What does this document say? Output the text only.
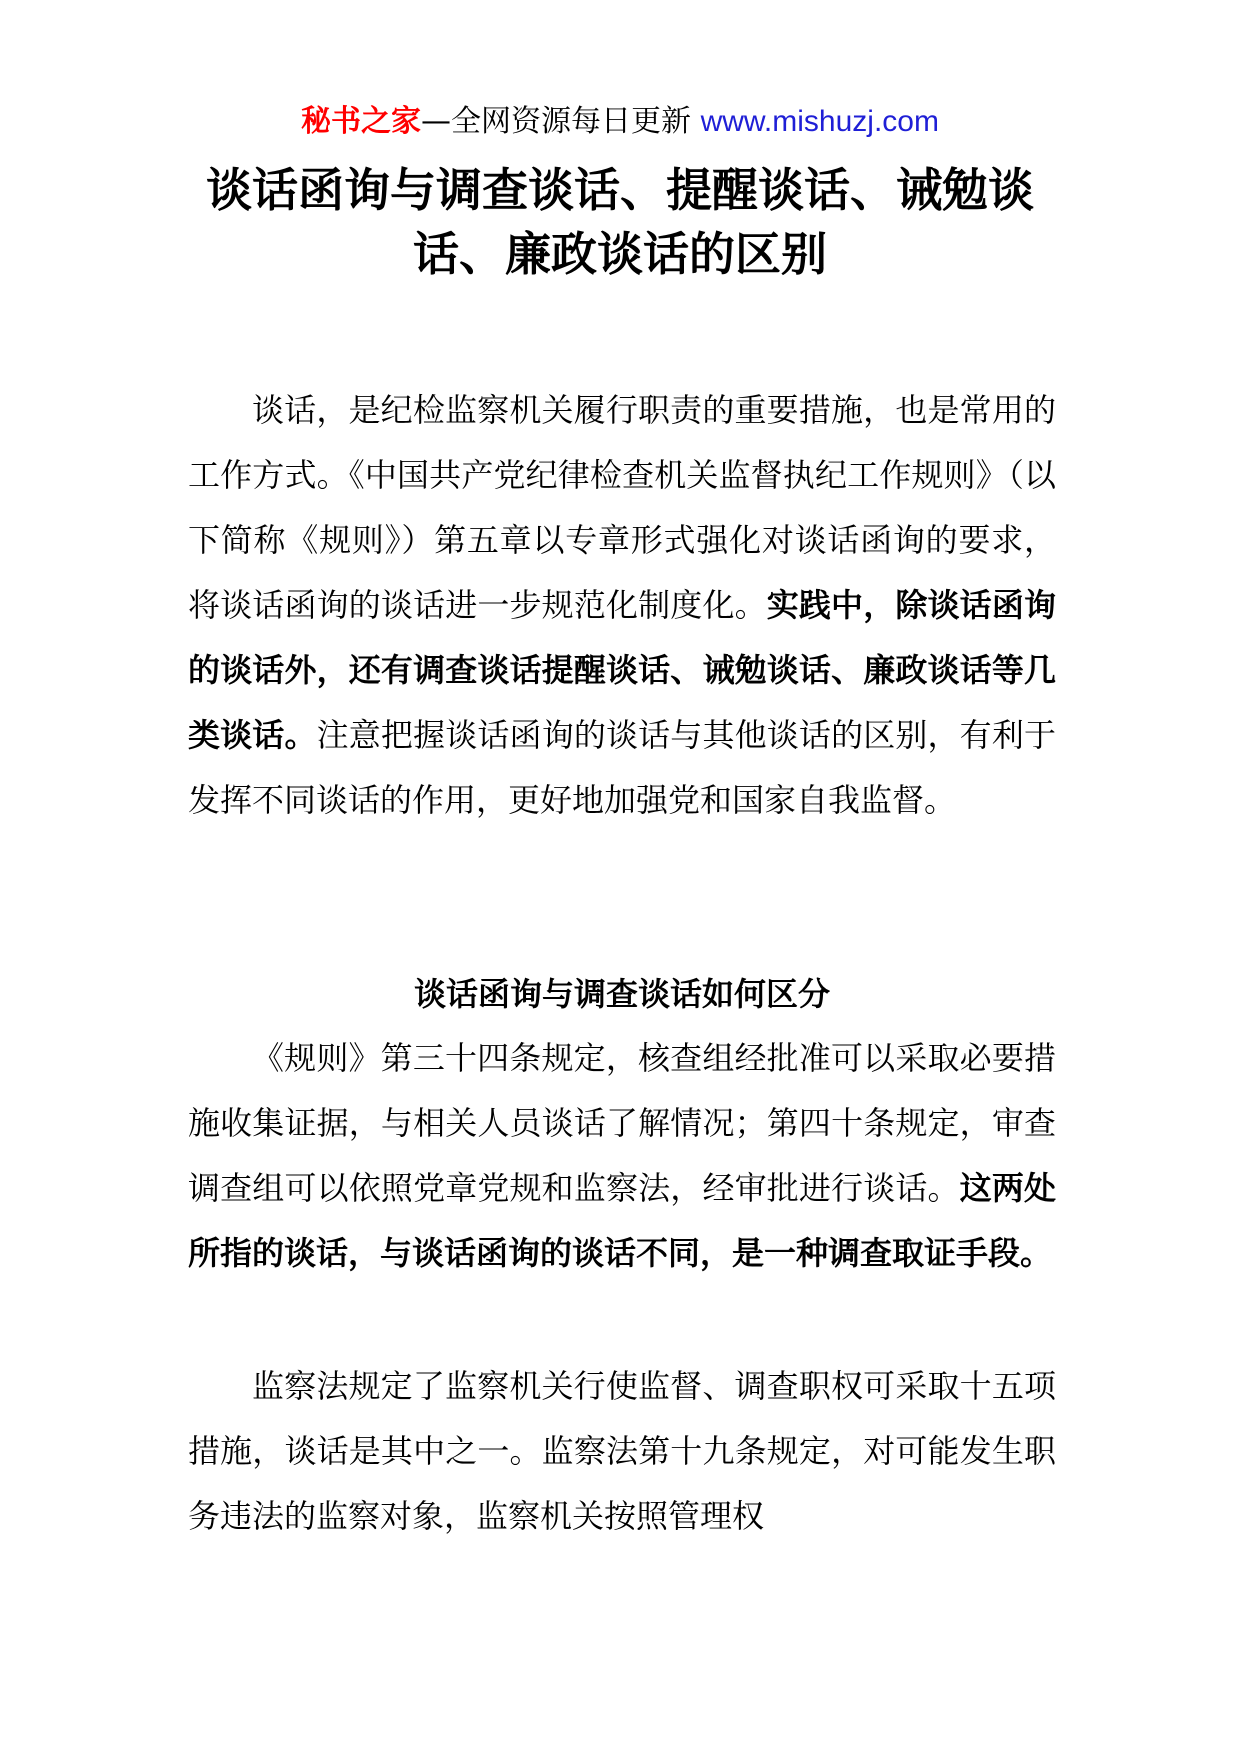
秘书之家—全网资源每日更新 www.mishuzj.com
谈话函询与调查谈话、提醒谈话、诫勉谈
话、廉政谈话的区别

谈话，是纪检监察机关履行职责的重要措施，也是常用的工作方式。《中国共产党纪律检查机关监督执纪工作规则》（以下简称《规则》）第五章以专章形式强化对谈话函询的要求，将谈话函询的谈话进一步规范化制度化。实践中，除谈话函询的谈话外，还有调查谈话提醒谈话、诫勉谈话、廉政谈话等几类谈话。注意把握谈话函询的谈话与其他谈话的区别，有利于发挥不同谈话的作用，更好地加强党和国家自我监督。

谈话函询与调查谈话如何区分

《规则》第三十四条规定，核查组经批准可以采取必要措施收集证据，与相关人员谈话了解情况；第四十条规定，审查调查组可以依照党章党规和监察法，经审批进行谈话。这两处所指的谈话，与谈话函询的谈话不同，是一种调查取证手段。

监察法规定了监察机关行使监督、调查职权可采取十五项措施，谈话是其中之一。监察法第十九条规定，对可能发生职务违法的监察对象，监察机关按照管理权
